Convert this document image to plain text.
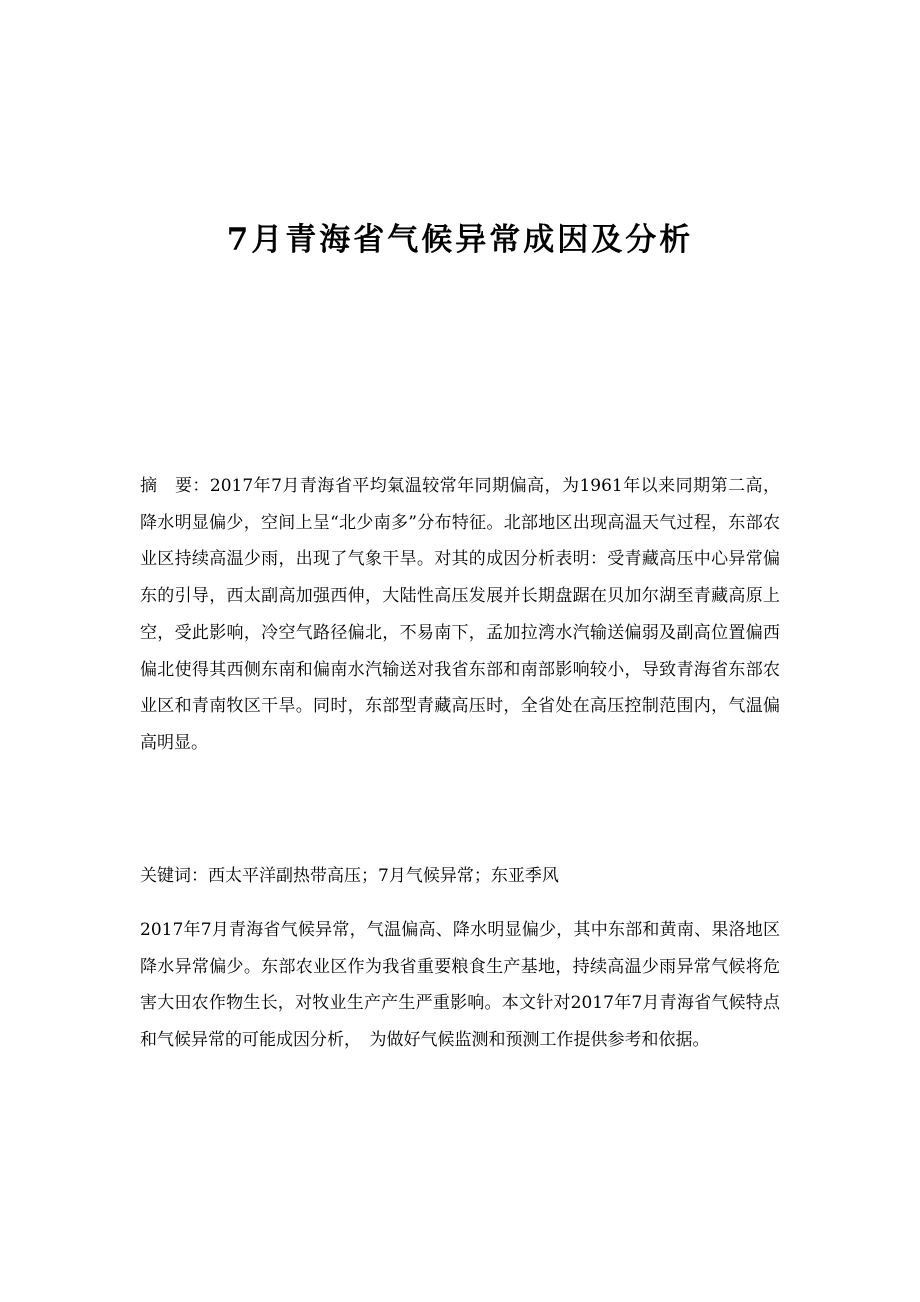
7月青海省气候异常成因及分析

摘　要：2017年7月青海省平均氣温较常年同期偏高，为1961年以来同期第二高，降水明显偏少，空间上呈“北少南多”分布特征。北部地区出现高温天气过程，东部农业区持续高温少雨，出现了气象干旱。对其的成因分析表明：受青藏高压中心异常偏东的引导，西太副高加强西伸，大陆性高压发展并长期盘踞在贝加尔湖至青藏高原上空，受此影响，冷空气路径偏北，不易南下，孟加拉湾水汽输送偏弱及副高位置偏西偏北使得其西侧东南和偏南水汽输送对我省东部和南部影响较小，导致青海省东部农业区和青南牧区干旱。同时，东部型青藏高压时，全省处在高压控制范围内，气温偏高明显。

关键词：西太平洋副热带高压；7月气候异常；东亚季风

2017年7月青海省气候异常，气温偏高、降水明显偏少，其中东部和黄南、果洛地区降水异常偏少。东部农业区作为我省重要粮食生产基地，持续高温少雨异常气候将危害大田农作物生长，对牧业生产产生严重影响。本文针对2017年7月青海省气候特点和气候异常的可能成因分析，　为做好气候监测和预测工作提供参考和依据。
